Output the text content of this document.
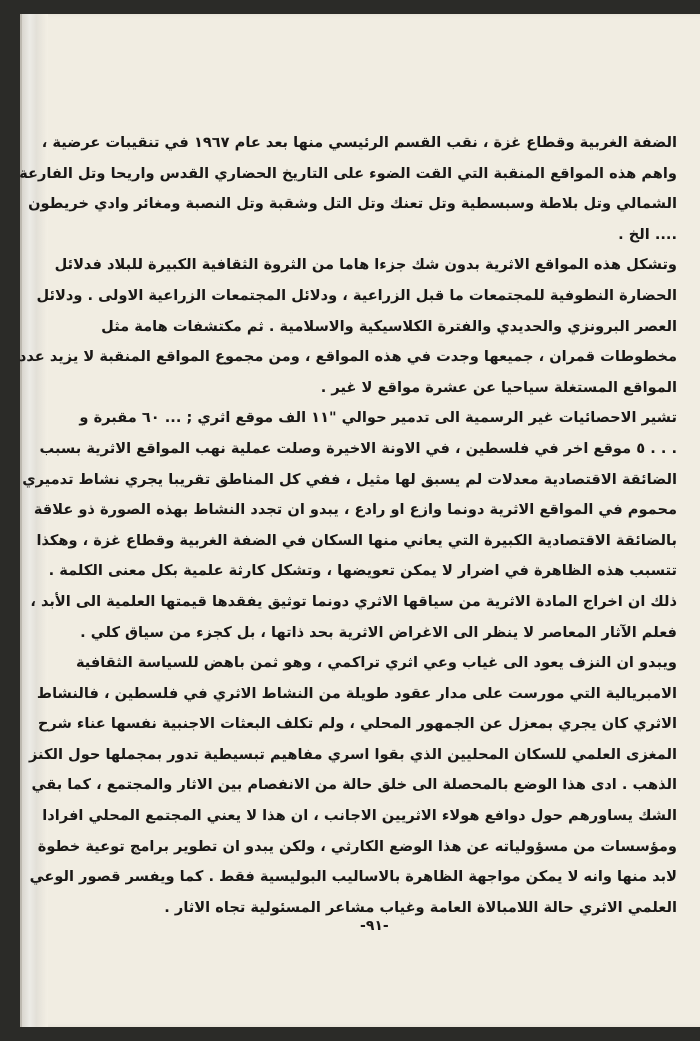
الضفة الغربية وقطاع غزة ، نقب القسم الرئيسي منها بعد عام ١٩٦٧ في تنقيبات عرضية ،
واهم هذه المواقع المنقبة التي القت الضوء على التاريخ الحضاري القدس واريحا وتل الفارعة
الشمالي وتل بلاطة وسبسطية وتل تعنك وتل التل وشقبة وتل النصبة ومغائر وادي خريطون
.... الخ .
وتشكل هذه المواقع الاثرية بدون شك جزءا هاما من الثروة الثقافية الكبيرة للبلاد فدلائل
الحضارة النطوفية للمجتمعات ما قبل الزراعية ، ودلائل المجتمعات الزراعية الاولى . ودلائل
العصر البرونزي والحديدي والفترة الكلاسيكية والاسلامية . ثم مكتشفات هامة مثل
مخطوطات قمران ، جميعها وجدت في هذه المواقع ، ومن مجموع المواقع المنقبة لا يزيد عدد
المواقع المستغلة سياحيا عن عشرة مواقع لا غير .
تشير الاحصائيات غير الرسمية الى تدمير حوالي "١١ الف موقع اثري ; ... ٦٠ مقبرة و
. . . ٥ موقع اخر في فلسطين ، في الاونة الاخيرة وصلت عملية نهب المواقع الاثرية بسبب
الضائقة الاقتصادية معدلات لم يسبق لها مثيل ، ففي كل المناطق تقريبا يجري نشاط تدميري
محموم في المواقع الاثرية دونما وازع او رادع ، يبدو ان تجدد النشاط بهذه الصورة ذو علاقة
بالضائقة الاقتصادية الكبيرة التي يعاني منها السكان في الضفة الغربية وقطاع غزة ، وهكذا
تتسبب هذه الظاهرة في اضرار لا يمكن تعويضها ، وتشكل كارثة علمية بكل معنى الكلمة .
ذلك ان اخراج المادة الاثرية من سياقها الاثري دونما توثيق يفقدها قيمتها العلمية الى الأبد ،
فعلم الآثار المعاصر لا ينظر الى الاغراض الاثرية بحد ذاتها ، بل كجزء من سياق كلي .
ويبدو ان النزف يعود الى غياب وعي اثري تراكمي ، وهو ثمن باهض للسياسة الثقافية
الامبريالية التي مورست على مدار عقود طويلة من النشاط الاثري في فلسطين ، فالنشاط
الاثري كان يجري بمعزل عن الجمهور المحلي ، ولم تكلف البعثات الاجنبية نفسها عناء شرح
المغزى العلمي للسكان المحليين الذي بقوا اسري مفاهيم تبسيطية تدور بمجملها حول الكنز
الذهب . ادى هذا الوضع بالمحصلة الى خلق حالة من الانفصام بين الاثار والمجتمع ، كما بقي
الشك يساورهم حول دوافع هولاء الاثريين الاجانب ، ان هذا لا يعني المجتمع المحلي افرادا
ومؤسسات من مسؤولياته عن هذا الوضع الكارثي ، ولكن يبدو ان تطوير برامج توعية خطوة
لابد منها وانه لا يمكن مواجهة الظاهرة بالاساليب البوليسية فقط . كما ويفسر قصور الوعي
العلمي الاثري حالة اللامبالاة العامة وغياب مشاعر المسئولية تجاه الاثار .
-٩١-
